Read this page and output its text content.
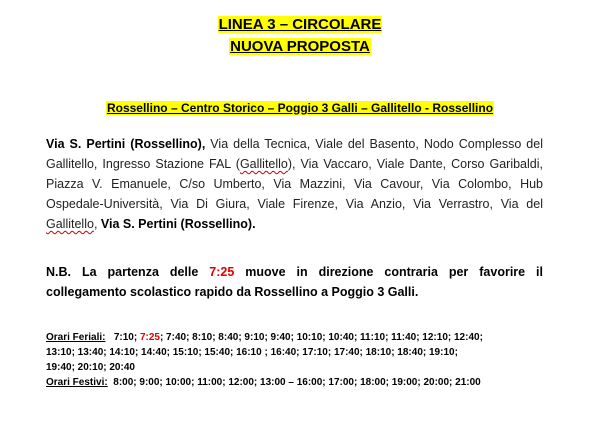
LINEA 3 – CIRCOLARE
NUOVA PROPOSTA
Rossellino – Centro Storico – Poggio 3 Galli – Gallitello - Rossellino
Via S. Pertini (Rossellino), Via della Tecnica, Viale del Basento, Nodo Complesso del Gallitello, Ingresso Stazione FAL (Gallitello), Via Vaccaro, Viale Dante, Corso Garibaldi, Piazza V. Emanuele, C/so Umberto, Via Mazzini, Via Cavour, Via Colombo, Hub Ospedale-Università, Via Di Giura, Viale Firenze, Via Anzio, Via Verrastro, Via del Gallitello, Via S. Pertini (Rossellino).
N.B. La partenza delle 7:25 muove in direzione contraria per favorire il collegamento scolastico rapido da Rossellino a Poggio 3 Galli.
Orari Feriali: 7:10; 7:25; 7:40; 8:10; 8:40; 9:10; 9:40; 10:10; 10:40; 11:10; 11:40; 12:10; 12:40;
13:10; 13:40; 14:10; 14:40; 15:10; 15:40; 16:10 ; 16:40; 17:10; 17:40; 18:10; 18:40; 19:10;
19:40; 20:10; 20:40
Orari Festivi: 8:00; 9:00; 10:00; 11:00; 12:00; 13:00 – 16:00; 17:00; 18:00; 19:00; 20:00; 21:00
